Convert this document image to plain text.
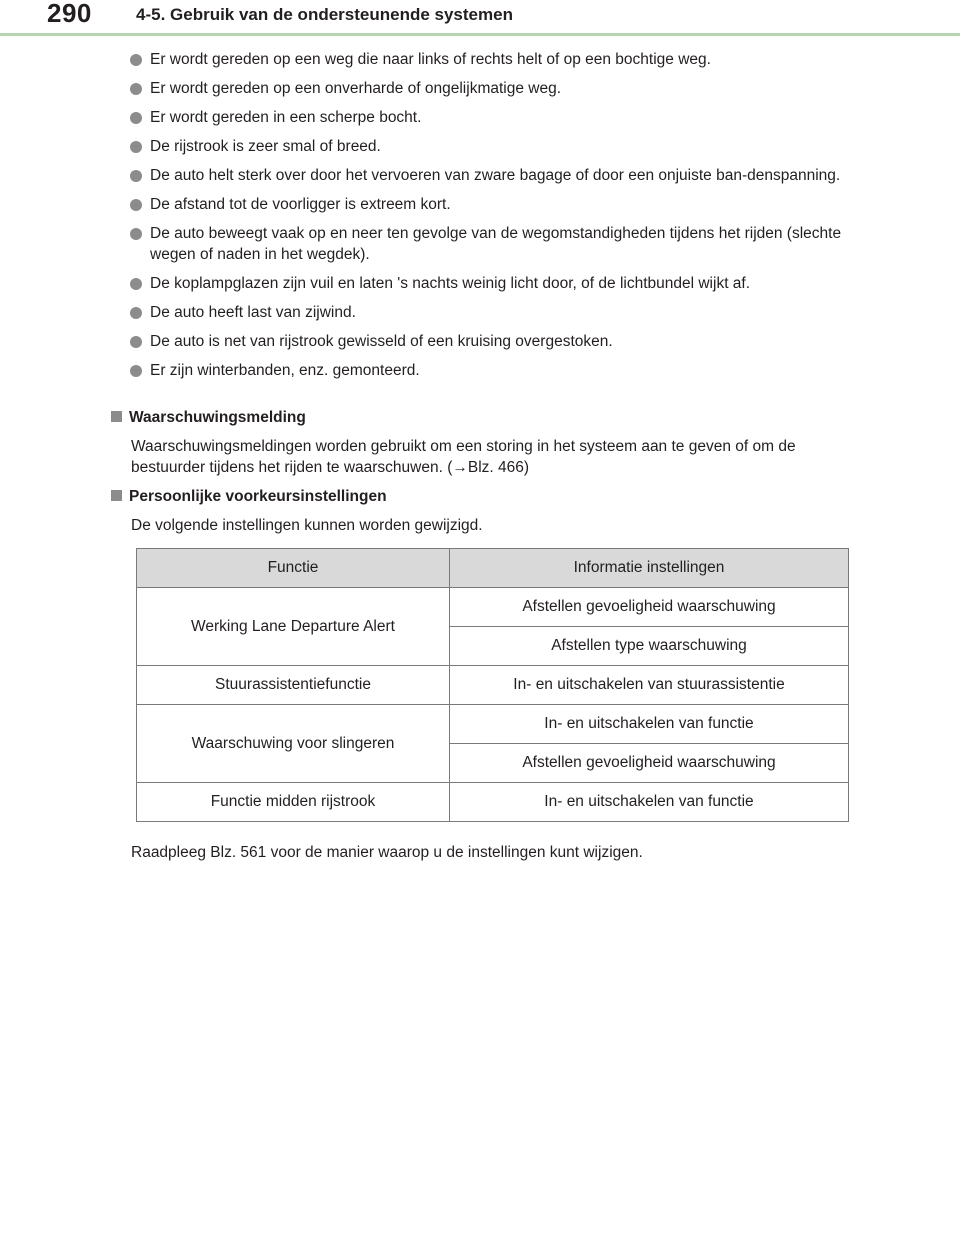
290	4-5. Gebruik van de ondersteunende systemen
Er wordt gereden op een weg die naar links of rechts helt of op een bochtige weg.
Er wordt gereden op een onverharde of ongelijkmatige weg.
Er wordt gereden in een scherpe bocht.
De rijstrook is zeer smal of breed.
De auto helt sterk over door het vervoeren van zware bagage of door een onjuiste ban-denspanning.
De afstand tot de voorligger is extreem kort.
De auto beweegt vaak op en neer ten gevolge van de wegomstandigheden tijdens het rijden (slechte wegen of naden in het wegdek).
De koplampglazen zijn vuil en laten 's nachts weinig licht door, of de lichtbundel wijkt af.
De auto heeft last van zijwind.
De auto is net van rijstrook gewisseld of een kruising overgestoken.
Er zijn winterbanden, enz. gemonteerd.
Waarschuwingsmelding
Waarschuwingsmeldingen worden gebruikt om een storing in het systeem aan te geven of om de bestuurder tijdens het rijden te waarschuwen. (→Blz. 466)
Persoonlijke voorkeursinstellingen
De volgende instellingen kunnen worden gewijzigd.
Functie	Informatie instellingen
Werking Lane Departure Alert	Afstellen gevoeligheid waarschuwing
	Afstellen type waarschuwing
Stuurassistentiefunctie	In- en uitschakelen van stuurassistentie
Waarschuwing voor slingeren	In- en uitschakelen van functie
	Afstellen gevoeligheid waarschuwing
Functie midden rijstrook	In- en uitschakelen van functie
Raadpleeg Blz. 561 voor de manier waarop u de instellingen kunt wijzigen.
